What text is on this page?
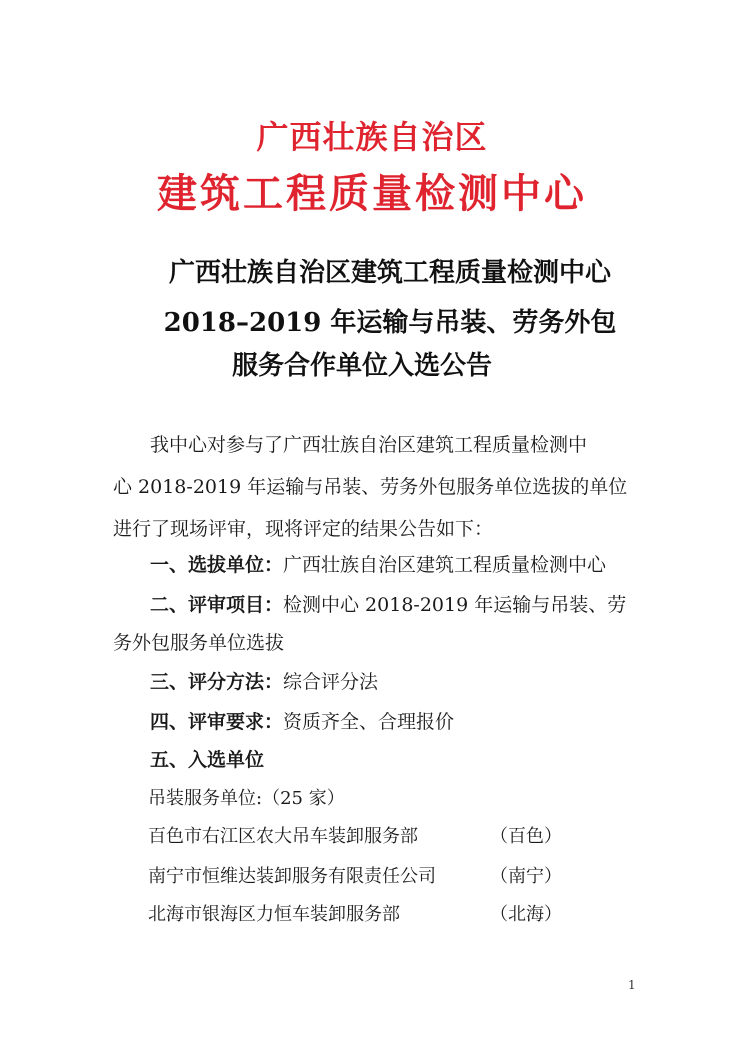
广西壮族自治区
建筑工程质量检测中心
广西壮族自治区建筑工程质量检测中心
2018–2019 年运输与吊装、劳务外包
服务合作单位入选公告
我中心对参与了广西壮族自治区建筑工程质量检测中
心 2018-2019 年运输与吊装、劳务外包服务单位选拔的单位
进行了现场评审，现将评定的结果公告如下：
一、选拔单位：广西壮族自治区建筑工程质量检测中心
二、评审项目：检测中心 2018-2019 年运输与吊装、劳
务外包服务单位选拔
三、评分方法：综合评分法
四、评审要求：资质齐全、合理报价
五、入选单位
吊装服务单位:（25 家）
百色市右江区农大吊车装卸服务部	（百色）
南宁市恒维达装卸服务有限责任公司	（南宁）
北海市银海区力恒车装卸服务部	（北海）
1
